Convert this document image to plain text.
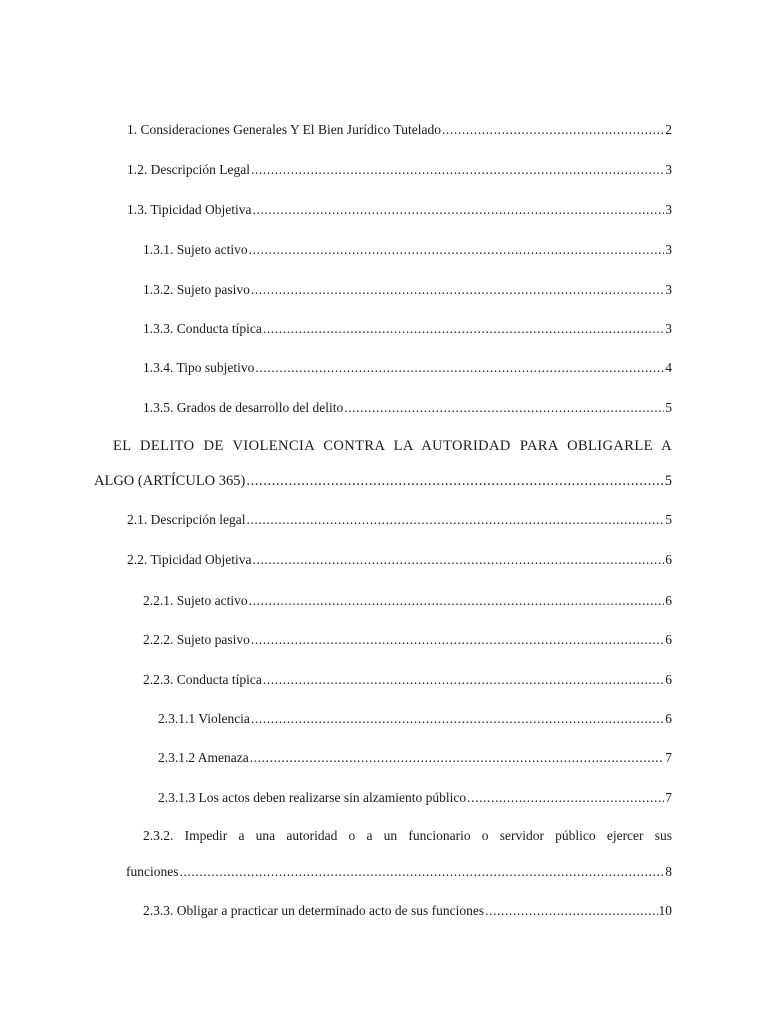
1. Consideraciones Generales Y El Bien Jurídico Tutelado .....	2
1.2. Descripción Legal .....	3
1.3. Tipicidad Objetiva .....	3
1.3.1. Sujeto activo .....	3
1.3.2. Sujeto pasivo .....	3
1.3.3. Conducta típica .....	3
1.3.4. Tipo subjetivo .....	4
1.3.5. Grados de desarrollo del delito .....	5
EL DELITO DE VIOLENCIA CONTRA LA AUTORIDAD PARA OBLIGARLE A
ALGO (ARTÍCULO 365) .....	5
2.1. Descripción legal .....	5
2.2. Tipicidad Objetiva .....	6
2.2.1. Sujeto activo .....	6
2.2.2. Sujeto pasivo .....	6
2.2.3. Conducta típica .....	6
2.3.1.1 Violencia .....	6
2.3.1.2 Amenaza .....	7
2.3.1.3 Los actos deben realizarse sin alzamiento público .....	7
2.3.2. Impedir a una autoridad o a un funcionario o servidor público ejercer sus
funciones .....	8
2.3.3. Obligar a practicar un determinado acto de sus funciones .....	10
